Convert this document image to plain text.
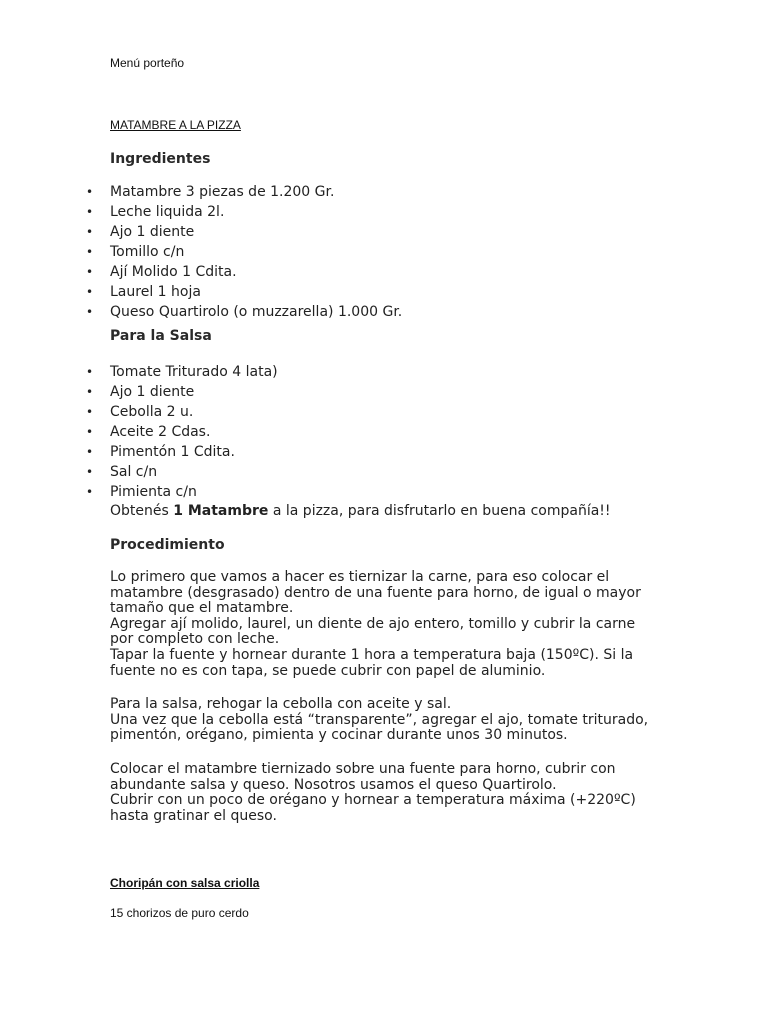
Menú porteño
MATAMBRE A LA PIZZA
Ingredientes
• Matambre 3 piezas de 1.200 Gr.
• Leche liquida 2l.
• Ajo 1 diente
• Tomillo c/n
• Ají Molido 1 Cdita.
• Laurel 1 hoja
• Queso Quartirolo (o muzzarella) 1.000 Gr.
Para la Salsa
• Tomate Triturado 4 lata)
• Ajo 1 diente
• Cebolla 2 u.
• Aceite 2 Cdas.
• Pimentón 1 Cdita.
• Sal c/n
• Pimienta c/n
Obtenés 1 Matambre a la pizza, para disfrutarlo en buena compañía!!
Procedimiento
Lo primero que vamos a hacer es tiernizar la carne, para eso colocar el
matambre (desgrasado) dentro de una fuente para horno, de igual o mayor
tamaño que el matambre.
Agregar ají molido, laurel, un diente de ajo entero, tomillo y cubrir la carne
por completo con leche.
Tapar la fuente y hornear durante 1 hora a temperatura baja (150ºC). Si la
fuente no es con tapa, se puede cubrir con papel de aluminio.
Para la salsa, rehogar la cebolla con aceite y sal.
Una vez que la cebolla está “transparente”, agregar el ajo, tomate triturado,
pimentón, orégano, pimienta y cocinar durante unos 30 minutos.
Colocar el matambre tiernizado sobre una fuente para horno, cubrir con
abundante salsa y queso. Nosotros usamos el queso Quartirolo.
Cubrir con un poco de orégano y hornear a temperatura máxima (+220ºC)
hasta gratinar el queso.
Choripán con salsa criolla
15 chorizos de puro cerdo
